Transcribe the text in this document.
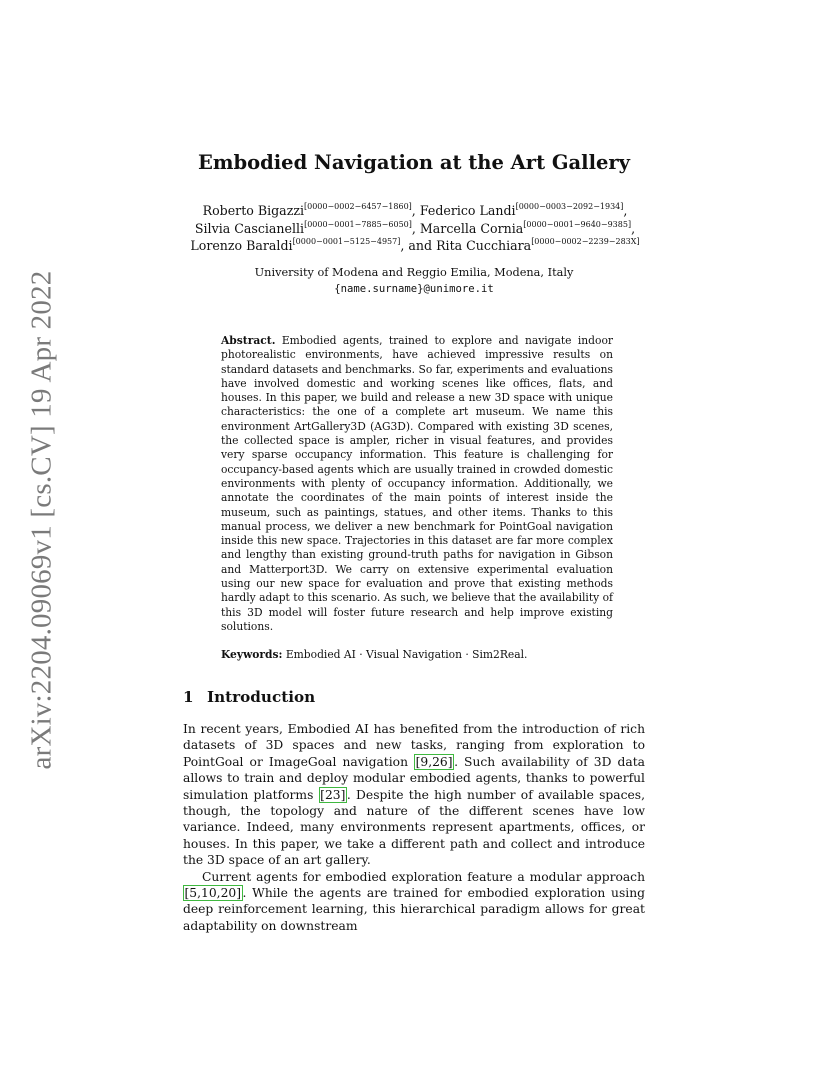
arXiv:2204.09069v1 [cs.CV] 19 Apr 2022
Embodied Navigation at the Art Gallery
Roberto Bigazzi[0000−0002−6457−1860], Federico Landi[0000−0003−2092−1934],
Silvia Cascianelli[0000−0001−7885−6050], Marcella Cornia[0000−0001−9640−9385],
Lorenzo Baraldi[0000−0001−5125−4957], and Rita Cucchiara[0000−0002−2239−283X]
University of Modena and Reggio Emilia, Modena, Italy
{name.surname}@unimore.it
Abstract. Embodied agents, trained to explore and navigate indoor photorealistic environments, have achieved impressive results on standard datasets and benchmarks. So far, experiments and evaluations have involved domestic and working scenes like offices, flats, and houses. In this paper, we build and release a new 3D space with unique characteristics: the one of a complete art museum. We name this environment ArtGallery3D (AG3D). Compared with existing 3D scenes, the collected space is ampler, richer in visual features, and provides very sparse occupancy information. This feature is challenging for occupancy-based agents which are usually trained in crowded domestic environments with plenty of occupancy information. Additionally, we annotate the coordinates of the main points of interest inside the museum, such as paintings, statues, and other items. Thanks to this manual process, we deliver a new benchmark for PointGoal navigation inside this new space. Trajectories in this dataset are far more complex and lengthy than existing ground-truth paths for navigation in Gibson and Matterport3D. We carry on extensive experimental evaluation using our new space for evaluation and prove that existing methods hardly adapt to this scenario. As such, we believe that the availability of this 3D model will foster future research and help improve existing solutions.
Keywords: Embodied AI · Visual Navigation · Sim2Real.
1 Introduction

In recent years, Embodied AI has benefited from the introduction of rich datasets of 3D spaces and new tasks, ranging from exploration to PointGoal or ImageGoal navigation [9,26] . Such availability of 3D data allows to train and deploy modular embodied agents, thanks to powerful simulation platforms [23] . Despite the high number of available spaces, though, the topology and nature of the different scenes have low variance. Indeed, many environments represent apartments, offices, or houses. In this paper, we take a different path and collect and introduce the 3D space of an art gallery.

Current agents for embodied exploration feature a modular approach [5,10,20] . While the agents are trained for embodied exploration using deep reinforcement learning, this hierarchical paradigm allows for great adaptability on downstream
